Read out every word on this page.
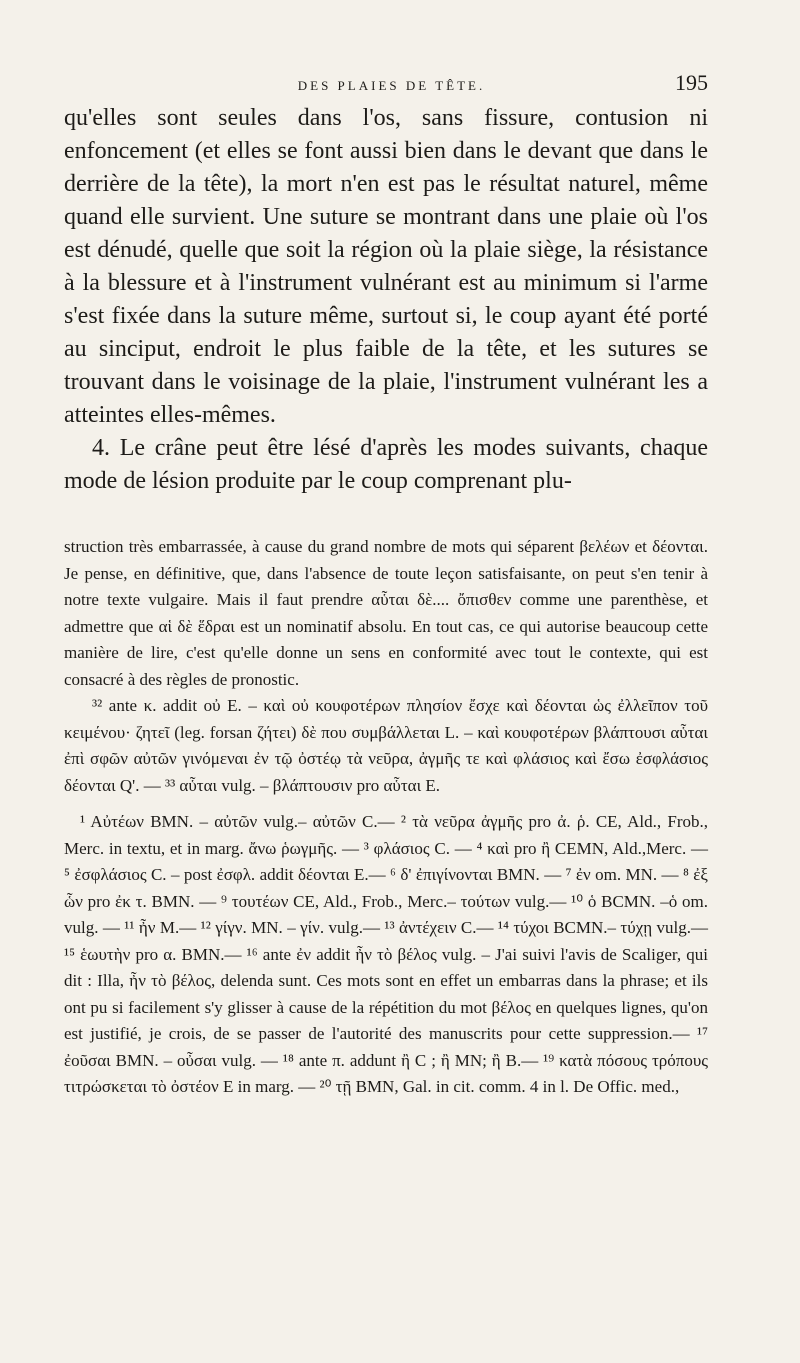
DES PLAIES DE TÊTE.	195

qu'elles sont seules dans l'os, sans fissure, contusion ni enfoncement (et elles se font aussi bien dans le devant que dans le derrière de la tête), la mort n'en est pas le résultat naturel, même quand elle survient. Une suture se montrant dans une plaie où l'os est dénudé, quelle que soit la région où la plaie siège, la résistance à la blessure et à l'instrument vulnérant est au minimum si l'arme s'est fixée dans la suture même, surtout si, le coup ayant été porté au sinciput, endroit le plus faible de la tête, et les sutures se trouvant dans le voisinage de la plaie, l'instrument vulnérant les a atteintes elles-mêmes.

4. Le crâne peut être lésé d'après les modes suivants, chaque mode de lésion produite par le coup comprenant plu-

struction très embarrassée, à cause du grand nombre de mots qui séparent βελέων et δέονται. Je pense, en définitive, que, dans l'absence de toute leçon satisfaisante, on peut s'en tenir à notre texte vulgaire. Mais il faut prendre αὗται δὲ.... ὄπισθεν comme une parenthèse, et admettre que αἱ δὲ ἕδραι est un nominatif absolu. En tout cas, ce qui autorise beaucoup cette manière de lire, c'est qu'elle donne un sens en conformité avec tout le contexte, qui est consacré à des règles de pronostic.

³² ante κ. addit οὐ E. – καὶ οὐ κουφοτέρων πλησίον ἔσχε καὶ δέονται ὡς ἐλλεῖπον τοῦ κειμένου· ζητεῖ (leg. forsan ζήτει) δὲ που συμβάλλεται L. – καὶ κουφοτέρων βλάπτουσι αὗται ἐπὶ σφῶν αὐτῶν γινόμεναι ἐν τῷ ὀστέῳ τὰ νεῦρα, ἀγμῆς τε καὶ φλάσιος καὶ ἔσω ἐσφλάσιος δέονται Q'. — ³³ αὗται vulg. – βλάπτουσιν pro αὗται E.

¹ Αὐτέων BMN. – αὐτῶν vulg.– αὐτῶν C.— ² τὰ νεῦρα ἀγμῆς pro ἀ. ῥ. CE, Ald., Frob., Merc. in textu, et in marg. ἄνω ῥωγμῆς. — ³ φλάσιος C. — ⁴ καὶ pro ἢ CEMN, Ald.,Merc. — ⁵ ἐσφλάσιος C. – post ἐσφλ. addit δέονται E.— ⁶ δ' ἐπιγίνονται BMN. — ⁷ ἐν om. MN. — ⁸ ἐξ ὧν pro ἐκ τ. BMN. — ⁹ τουτέων CE, Ald., Frob., Merc.– τούτων vulg.— ¹⁰ ὁ BCMN. –ὁ om. vulg. — ¹¹ ἦν M.— ¹² γίγν. MN. – γίν. vulg.— ¹³ ἀντέχειν C.— ¹⁴ τύχοι BCMN.– τύχῃ vulg.— ¹⁵ ἑωυτὴν pro α. BMN.— ¹⁶ ante ἐν addit ἦν τὸ βέλος vulg. – J'ai suivi l'avis de Scaliger, qui dit : Illa, ἦν τὸ βέλος, delenda sunt. Ces mots sont en effet un embarras dans la phrase; et ils ont pu si facilement s'y glisser à cause de la répétition du mot βέλος en quelques lignes, qu'on est justifié, je crois, de se passer de l'autorité des manuscrits pour cette suppression.— ¹⁷ ἐοῦσαι BMN. – οὖσαι vulg. — ¹⁸ ante π. addunt ἢ C ; ἢ MN; ἢ B.— ¹⁹ κατὰ πόσους τρόπους τιτρώσκεται τὸ ὀστέον E in marg. — ²⁰ τῇ BMN, Gal. in cit. comm. 4 in l. De Offic. med.,
